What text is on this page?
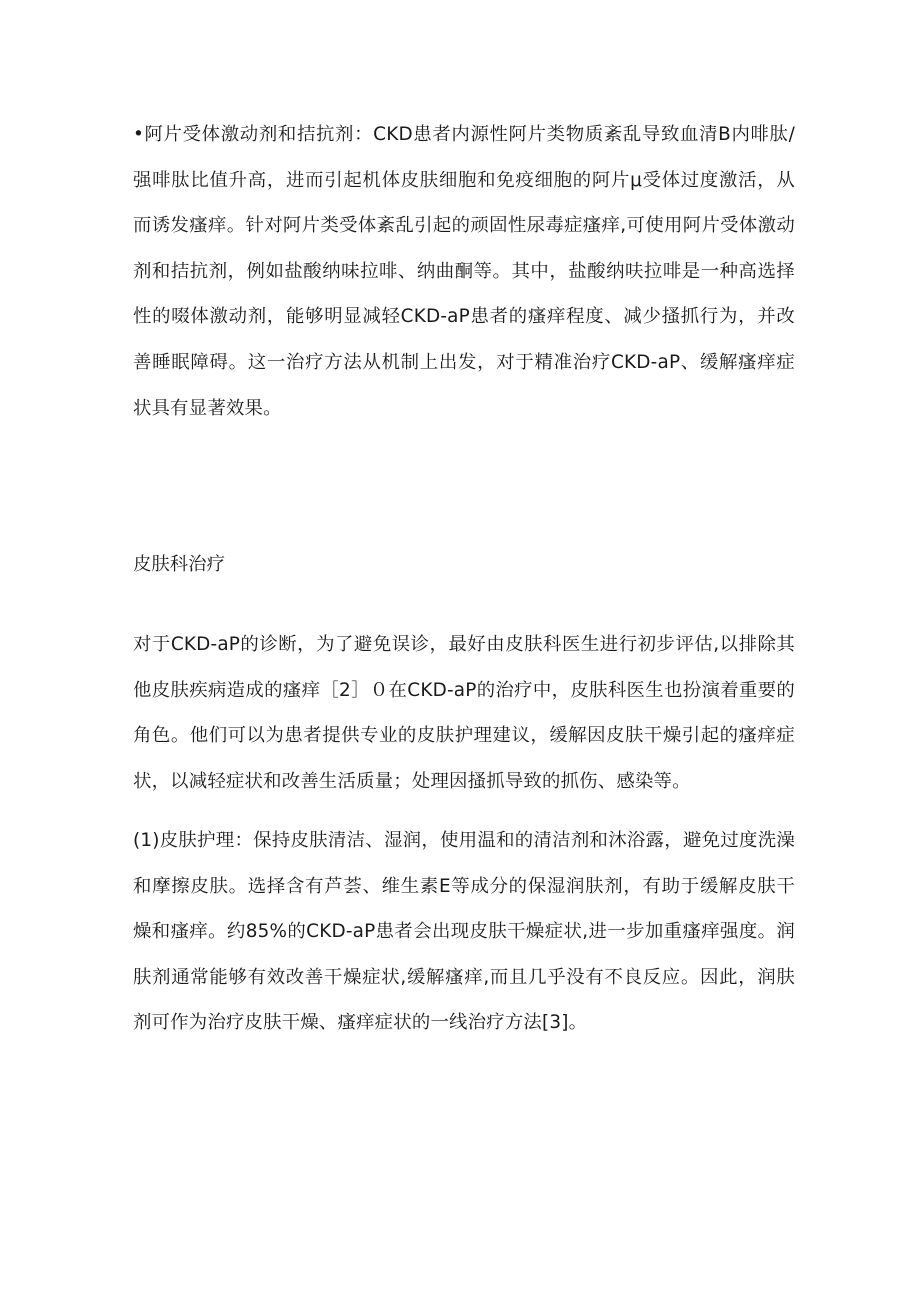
•阿片受体激动剂和拮抗剂：CKD患者内源性阿片类物质紊乱导致血清B内啡肽/强啡肽比值升高，进而引起机体皮肤细胞和免疫细胞的阿片μ受体过度激活，从而诱发瘙痒。针对阿片类受体紊乱引起的顽固性尿毒症瘙痒,可使用阿片受体激动剂和拮抗剂，例如盐酸纳味拉啡、纳曲酮等。其中，盐酸纳呋拉啡是一种高选择性的啜体激动剂，能够明显减轻CKD-aP患者的瘙痒程度、减少搔抓行为，并改善睡眠障碍。这一治疗方法从机制上出发，对于精准治疗CKD-aP、缓解瘙痒症状具有显著效果。

皮肤科治疗

对于CKD-aP的诊断，为了避免误诊，最好由皮肤科医生进行初步评估,以排除其他皮肤疾病造成的瘙痒［2］０在CKD-aP的治疗中，皮肤科医生也扮演着重要的角色。他们可以为患者提供专业的皮肤护理建议，缓解因皮肤干燥引起的瘙痒症状，以减轻症状和改善生活质量；处理因搔抓导致的抓伤、感染等。

(1)皮肤护理：保持皮肤清洁、湿润，使用温和的清洁剂和沐浴露，避免过度洗澡和摩擦皮肤。选择含有芦荟、维生素E等成分的保湿润肤剂，有助于缓解皮肤干燥和瘙痒。约85%的CKD-aP患者会出现皮肤干燥症状,进一步加重瘙痒强度。润肤剂通常能够有效改善干燥症状,缓解瘙痒,而且几乎没有不良反应。因此，润肤剂可作为治疗皮肤干燥、瘙痒症状的一线治疗方法[3]。
